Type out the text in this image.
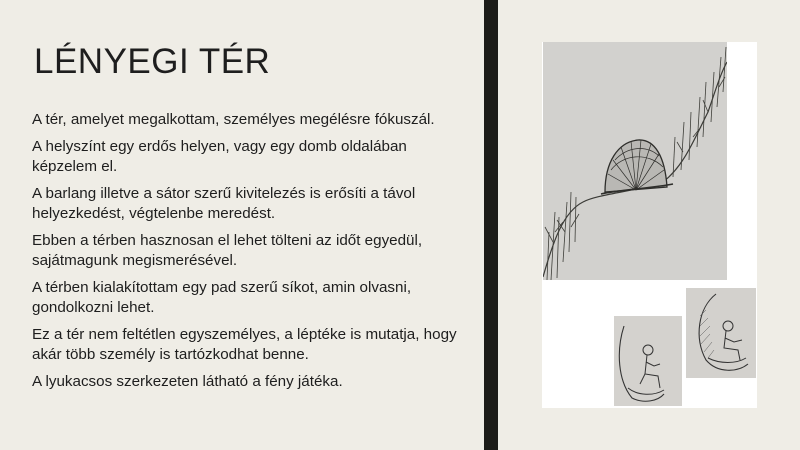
LÉNYEGI TÉR
A tér, amelyet megalkottam, személyes megélésre fókuszál.
A helyszínt egy erdős helyen, vagy egy domb oldalában képzelem el.
A barlang illetve a sátor szerű kivitelezés is erősíti a távol helyezkedést, végtelenbe meredést.
Ebben a térben hasznosan el lehet tölteni az időt egyedül, sajátmagunk megismerésével.
A térben kialakítottam egy pad szerű síkot, amin olvasni, gondolkozni lehet.
Ez a tér nem feltétlen egyszemélyes, a léptéke is mutatja, hogy akár több személy is tartózkodhat benne.
A lyukacsos szerkezeten látható a fény játéka.
